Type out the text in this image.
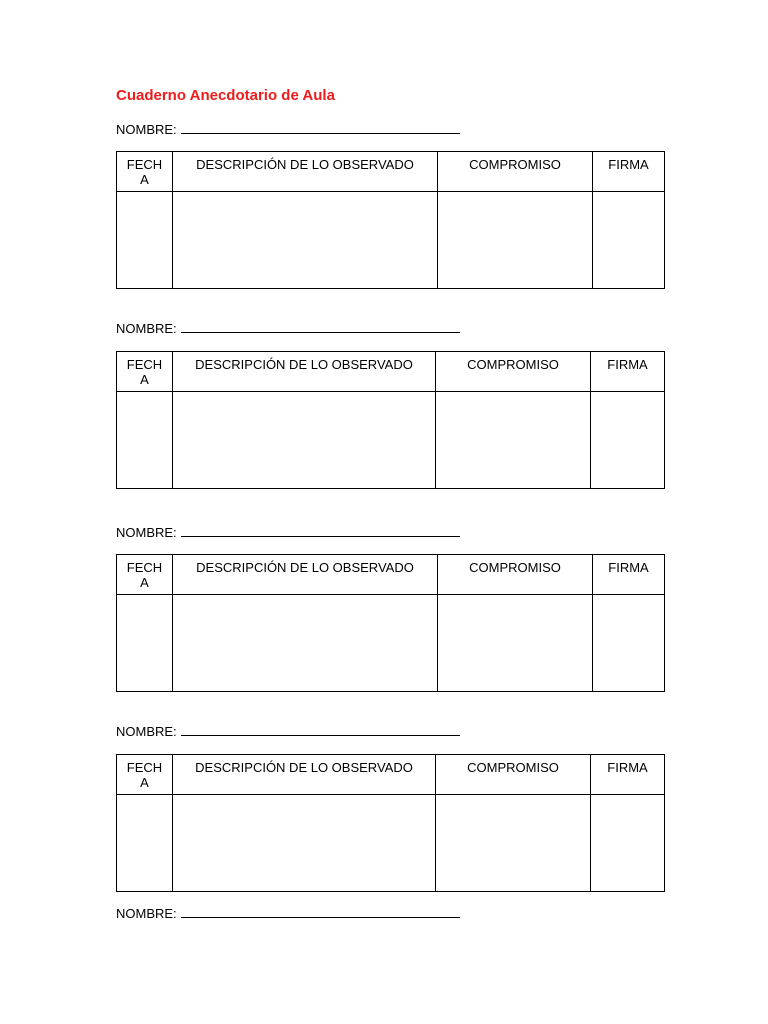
Cuaderno Anecdotario de Aula
NOMBRE:
FECHA	DESCRIPCIÓN DE LO OBSERVADO	COMPROMISO	FIRMA

NOMBRE:
FECHA	DESCRIPCIÓN DE LO OBSERVADO	COMPROMISO	FIRMA

NOMBRE:
FECHA	DESCRIPCIÓN DE LO OBSERVADO	COMPROMISO	FIRMA

NOMBRE:
FECHA	DESCRIPCIÓN DE LO OBSERVADO	COMPROMISO	FIRMA

NOMBRE:
